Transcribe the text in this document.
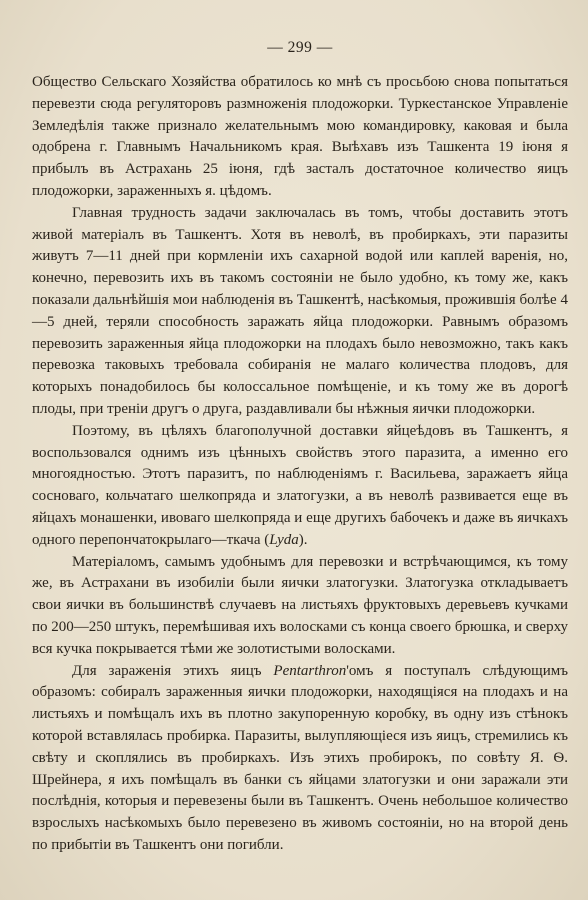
— 299 —

Общество Сельскаго Хозяйства обратилось ко мнѣ съ просьбою снова попытаться перевезти сюда регуляторовъ размноженія плодожорки. Туркестанское Управленіе Земледѣлія также признало желательнымъ мою командировку, каковая и была одобрена г. Главнымъ Начальникомъ края. Выѣхавъ изъ Ташкента 19 іюня я прибылъ въ Астрахань 25 іюня, гдѣ засталъ достаточное количество яицъ плодожорки, зараженныхъ я. цѣдомъ.

Главная трудность задачи заключалась въ томъ, чтобы доставить этотъ живой матеріалъ въ Ташкентъ. Хотя въ неволѣ, въ пробиркахъ, эти паразиты живутъ 7—11 дней при кормленіи ихъ сахарной водой или каплей варенія, но, конечно, перевозить ихъ въ такомъ состояніи не было удобно, къ тому же, какъ показали дальнѣйшія мои наблюденія въ Ташкентѣ, насѣкомыя, прожившія болѣе 4—5 дней, теряли способность заражать яйца плодожорки. Равнымъ образомъ перевозить зараженныя яйца плодожорки на плодахъ было невозможно, такъ какъ перевозка таковыхъ требовала собиранія не малаго количества плодовъ, для которыхъ понадобилось бы колоссальное помѣщеніе, и къ тому же въ дорогѣ плоды, при треніи другъ о друга, раздавливали бы нѣжныя яички плодожорки.

Поэтому, въ цѣляхъ благополучной доставки яйцеѣдовъ въ Ташкентъ, я воспользовался однимъ изъ цѣнныхъ свойствъ этого паразита, а именно его многоядностью. Этотъ паразитъ, по наблюденіямъ г. Васильева, заражаетъ яйца сосноваго, кольчатаго шелкопряда и златогузки, а въ неволѣ развивается еще въ яйцахъ монашенки, ивоваго шелкопряда и еще другихъ бабочекъ и даже въ яичкахъ одного перепончатокрылаго—ткача (Lyda).

Матеріаломъ, самымъ удобнымъ для перевозки и встрѣчающимся, къ тому же, въ Астрахани въ изобиліи были яички златогузки. Златогузка откладываетъ свои яички въ большинствѣ случаевъ на листьяхъ фруктовыхъ деревьевъ кучками по 200—250 штукъ, перемѣшивая ихъ волосками съ конца своего брюшка, и сверху вся кучка покрывается тѣми же золотистыми волосками.

Для зараженія этихъ яицъ Pentarthron'омъ я поступалъ слѣдующимъ образомъ: собиралъ зараженныя яички плодожорки, находящіяся на плодахъ и на листьяхъ и помѣщалъ ихъ въ плотно закупоренную коробку, въ одну изъ стѣнокъ которой вставлялась пробирка. Паразиты, вылупляющіеся изъ яицъ, стремились къ свѣту и скоплялись въ пробиркахъ. Изъ этихъ пробирокъ, по совѣту Я. Ѳ. Шрейнера, я ихъ помѣщалъ въ банки съ яйцами златогузки и они заражали эти послѣднія, которыя и перевезены были въ Ташкентъ. Очень небольшое количество взрослыхъ насѣкомыхъ было перевезено въ живомъ состояніи, но на второй день по прибытіи въ Ташкентъ они погибли.
